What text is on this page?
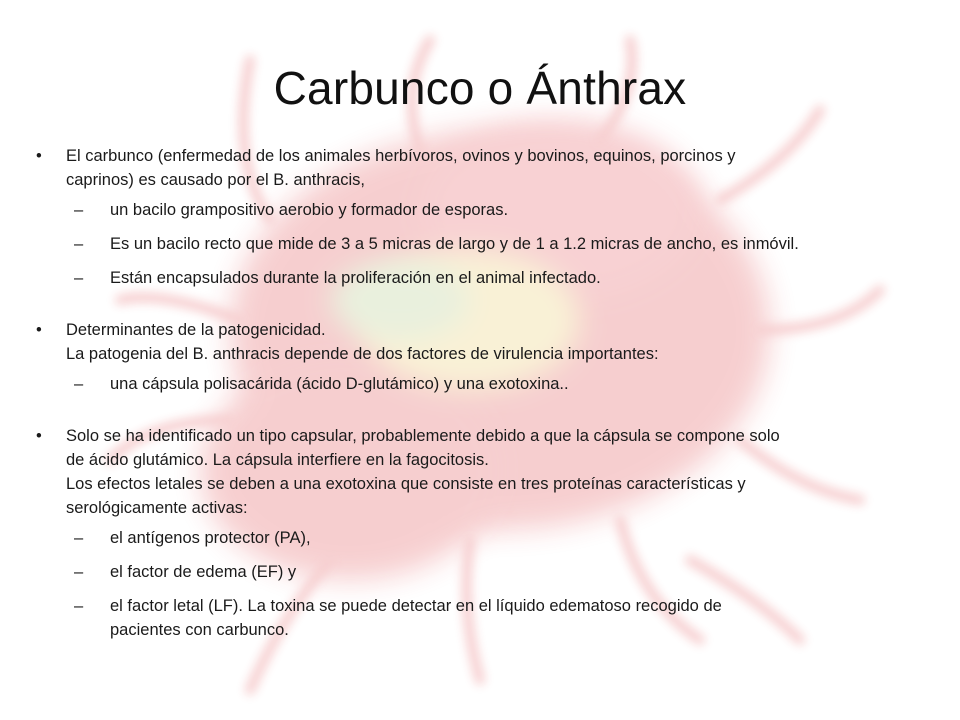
Carbunco o Ánthrax
•	El carbunco (enfermedad de los animales herbívoros, ovinos y bovinos, equinos, porcinos y
caprinos) es causado por el B. anthracis,
–	un bacilo grampositivo aerobio y formador de esporas.
–	Es un bacilo recto que mide de 3 a 5 micras de largo y de 1 a 1.2 micras de ancho, es inmóvil.
–	Están encapsulados durante la proliferación en el animal infectado.
•	Determinantes de la patogenicidad.
La patogenia del B. anthracis depende de dos factores de virulencia importantes:
–	una cápsula polisacárida (ácido D-glutámico) y una exotoxina..
•	Solo se ha identificado un tipo capsular, probablemente debido a que la cápsula se compone solo
de ácido glutámico. La cápsula interfiere en la fagocitosis.
Los efectos letales se deben a una exotoxina que consiste en tres proteínas características y
serológicamente activas:
–	el antígenos protector (PA),
–	el factor de edema (EF) y
–	el factor letal (LF). La toxina se puede detectar en el líquido edematoso recogido de
pacientes con carbunco.
